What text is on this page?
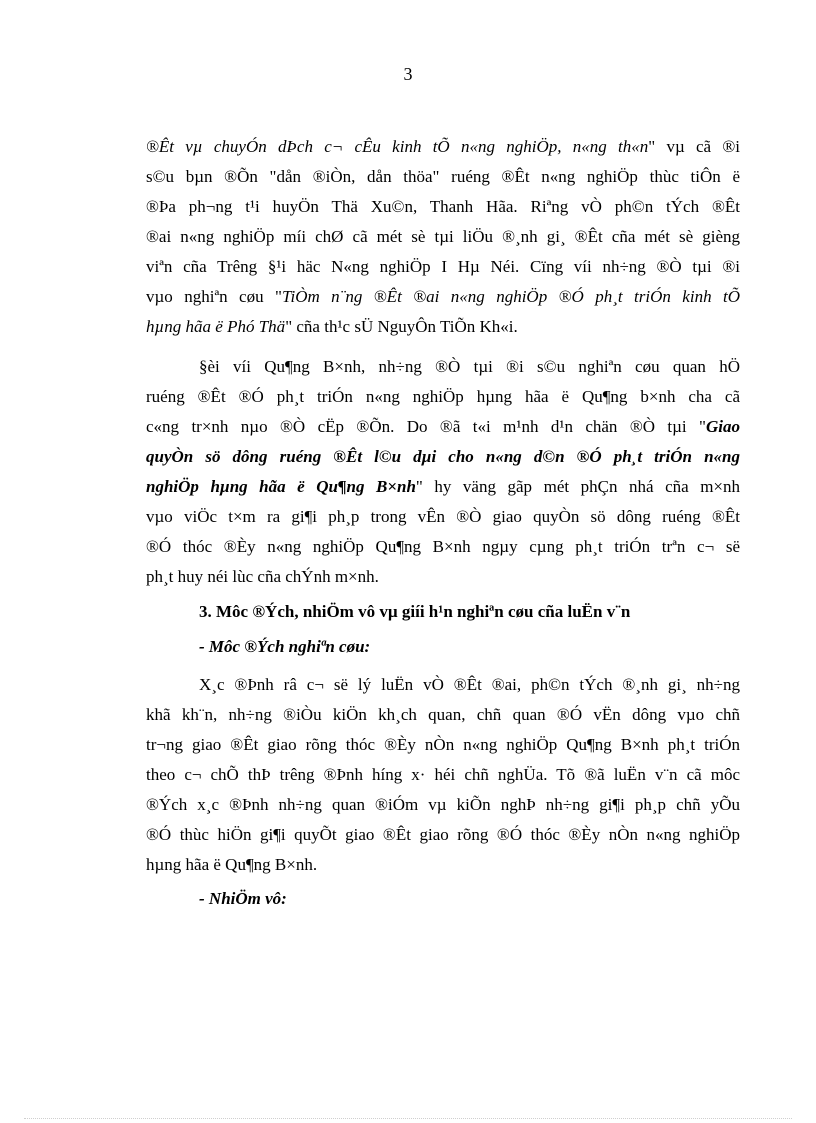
3
®Êt vµ chuyÓn dÞch c¬ cÊu kinh tÕ n«ng nghiÖp, n«ng th«n" vµ cã ®i
s©u bµn ®Õn "dån ®iÒn, dån thöa" ruéng ®Êt n«ng nghiÖp thùc tiÔn ë
®Þa ph¬ng t¹i huyÖn Thä Xu©n, Thanh Hãa. Riªng vÒ ph©n tÝch ®Êt
®ai n«ng nghiÖp míi chØ cã mét sè tµi liÖu ®¸nh gi¸ ®Êt cña mét sè gièng
viªn cña Trêng §¹i häc N«ng nghiÖp I Hµ Néi. Cïng víi nh÷ng ®Ò tµi ®i
vµo nghiªn cøu "TiÒm n¨ng ®Êt ®ai n«ng nghiÖp ®Ó ph¸t triÓn kinh tÕ
hµng hãa ë Phó Thä" cña th¹c sÜ NguyÔn TiÕn Kh«i.
§èi víi Qu¶ng B×nh, nh÷ng ®Ò tµi ®i s©u nghiªn cøu quan hÖ
ruéng ®Êt ®Ó ph¸t triÓn n«ng nghiÖp hµng hãa ë Qu¶ng b×nh cha cã
c«ng tr×nh nµo ®Ò cËp ®Õn. Do ®ã t«i m¹nh d¹n chän ®Ò tµi "Giao
quyÒn sö dông ruéng ®Êt l©u dµi cho n«ng d©n ®Ó ph¸t triÓn n«ng
nghiÖp hµng hãa ë Qu¶ng B×nh" hy väng gãp mét phÇn nhá cña m×nh
vµo viÖc t×m ra gi¶i ph¸p trong vÊn ®Ò giao quyÒn sö dông ruéng ®Êt
®Ó thóc ®Èy n«ng nghiÖp Qu¶ng B×nh ngµy cµng ph¸t triÓn trªn c¬ së
ph¸t huy néi lùc cña chÝnh m×nh.
3. Môc ®Ých, nhiÖm vô vµ giíi h¹n nghiªn cøu cña luËn v¨n
- Môc ®Ých nghiªn cøu:
X¸c ®Þnh râ c¬ së lý luËn vÒ ®Êt ®ai, ph©n tÝch ®¸nh gi¸ nh÷ng
khã kh¨n, nh÷ng ®iÒu kiÖn kh¸ch quan, chñ quan ®Ó vËn dông vµo chñ
tr¬ng giao ®Êt giao rõng thóc ®Èy nÒn n«ng nghiÖp Qu¶ng B×nh ph¸t triÓn
theo c¬ chÕ thÞ trêng ®Þnh híng x· héi chñ nghÜa. Tõ ®ã luËn v¨n cã môc
®Ých x¸c ®Þnh nh÷ng quan ®iÓm vµ kiÕn nghÞ nh÷ng gi¶i ph¸p chñ yÕu
®Ó thùc hiÖn gi¶i quyÕt giao ®Êt giao rõng ®Ó thóc ®Èy nÒn n«ng nghiÖp
hµng hãa ë Qu¶ng B×nh.
- NhiÖm vô:
